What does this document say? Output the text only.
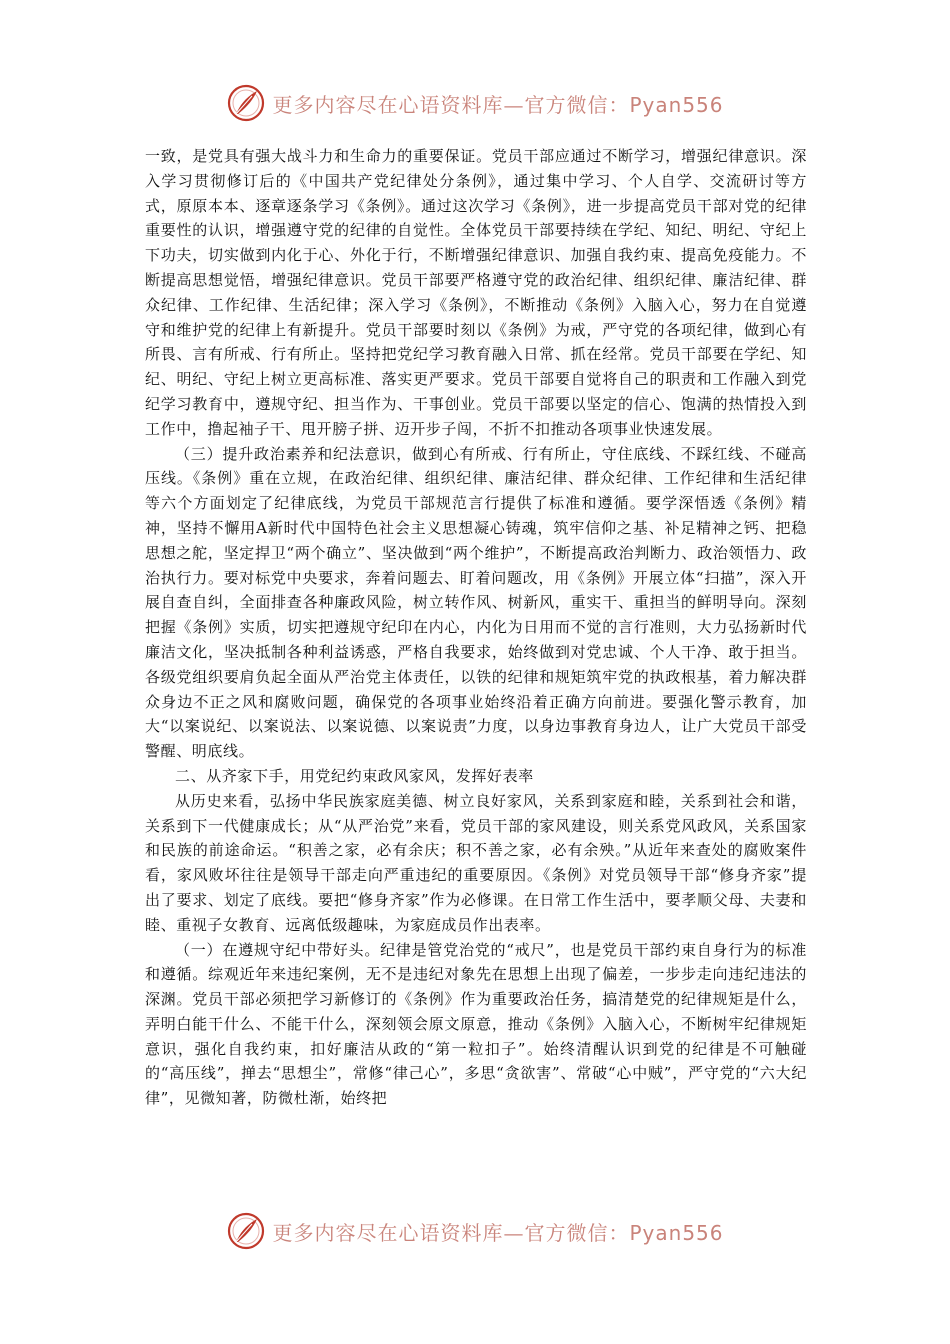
更多内容尽在心语资料库—官方微信：Pyan556

一致，是党具有强大战斗力和生命力的重要保证。党员干部应通过不断学习，增强纪律意识。深入学习贯彻修订后的《中国共产党纪律处分条例》，通过集中学习、个人自学、交流研讨等方式，原原本本、逐章逐条学习《条例》。通过这次学习《条例》，进一步提高党员干部对党的纪律重要性的认识，增强遵守党的纪律的自觉性。全体党员干部要持续在学纪、知纪、明纪、守纪上下功夫，切实做到内化于心、外化于行，不断增强纪律意识、加强自我约束、提高免疫能力。不断提高思想觉悟，增强纪律意识。党员干部要严格遵守党的政治纪律、组织纪律、廉洁纪律、群众纪律、工作纪律、生活纪律；深入学习《条例》，不断推动《条例》入脑入心，努力在自觉遵守和维护党的纪律上有新提升。党员干部要时刻以《条例》为戒，严守党的各项纪律，做到心有所畏、言有所戒、行有所止。坚持把党纪学习教育融入日常、抓在经常。党员干部要在学纪、知纪、明纪、守纪上树立更高标准、落实更严要求。党员干部要自觉将自己的职责和工作融入到党纪学习教育中，遵规守纪、担当作为、干事创业。党员干部要以坚定的信心、饱满的热情投入到工作中，撸起袖子干、甩开膀子拼、迈开步子闯，不折不扣推动各项事业快速发展。

（三）提升政治素养和纪法意识，做到心有所戒、行有所止，守住底线、不踩红线、不碰高压线。《条例》重在立规，在政治纪律、组织纪律、廉洁纪律、群众纪律、工作纪律和生活纪律等六个方面划定了纪律底线，为党员干部规范言行提供了标准和遵循。要学深悟透《条例》精神，坚持不懈用A新时代中国特色社会主义思想凝心铸魂，筑牢信仰之基、补足精神之钙、把稳思想之舵，坚定捍卫“两个确立”、坚决做到“两个维护”，不断提高政治判断力、政治领悟力、政治执行力。要对标党中央要求，奔着问题去、盯着问题改，用《条例》开展立体“扫描”，深入开展自查自纠，全面排查各种廉政风险，树立转作风、树新风，重实干、重担当的鲜明导向。深刻把握《条例》实质，切实把遵规守纪印在内心，内化为日用而不觉的言行准则，大力弘扬新时代廉洁文化，坚决抵制各种利益诱惑，严格自我要求，始终做到对党忠诚、个人干净、敢于担当。各级党组织要肩负起全面从严治党主体责任，以铁的纪律和规矩筑牢党的执政根基，着力解决群众身边不正之风和腐败问题，确保党的各项事业始终沿着正确方向前进。要强化警示教育，加大“以案说纪、以案说法、以案说德、以案说责”力度，以身边事教育身边人，让广大党员干部受警醒、明底线。

二、从齐家下手，用党纪约束政风家风，发挥好表率

从历史来看，弘扬中华民族家庭美德、树立良好家风，关系到家庭和睦，关系到社会和谐，关系到下一代健康成长；从“从严治党”来看，党员干部的家风建设，则关系党风政风，关系国家和民族的前途命运。“积善之家，必有余庆；积不善之家，必有余殃。”从近年来查处的腐败案件看，家风败坏往往是领导干部走向严重违纪的重要原因。《条例》对党员领导干部“修身齐家”提出了要求、划定了底线。要把“修身齐家”作为必修课。在日常工作生活中，要孝顺父母、夫妻和睦、重视子女教育、远离低级趣味，为家庭成员作出表率。

（一）在遵规守纪中带好头。纪律是管党治党的“戒尺”，也是党员干部约束自身行为的标准和遵循。综观近年来违纪案例，无不是违纪对象先在思想上出现了偏差，一步步走向违纪违法的深渊。党员干部必须把学习新修订的《条例》作为重要政治任务，搞清楚党的纪律规矩是什么，弄明白能干什么、不能干什么，深刻领会原文原意，推动《条例》入脑入心，不断树牢纪律规矩意识，强化自我约束，扣好廉洁从政的“第一粒扣子”。始终清醒认识到党的纪律是不可触碰的“高压线”，掸去“思想尘”，常修“律己心”，多思“贪欲害”、常破“心中贼”，严守党的“六大纪律”，见微知著，防微杜渐，始终把

更多内容尽在心语资料库—官方微信：Pyan556
